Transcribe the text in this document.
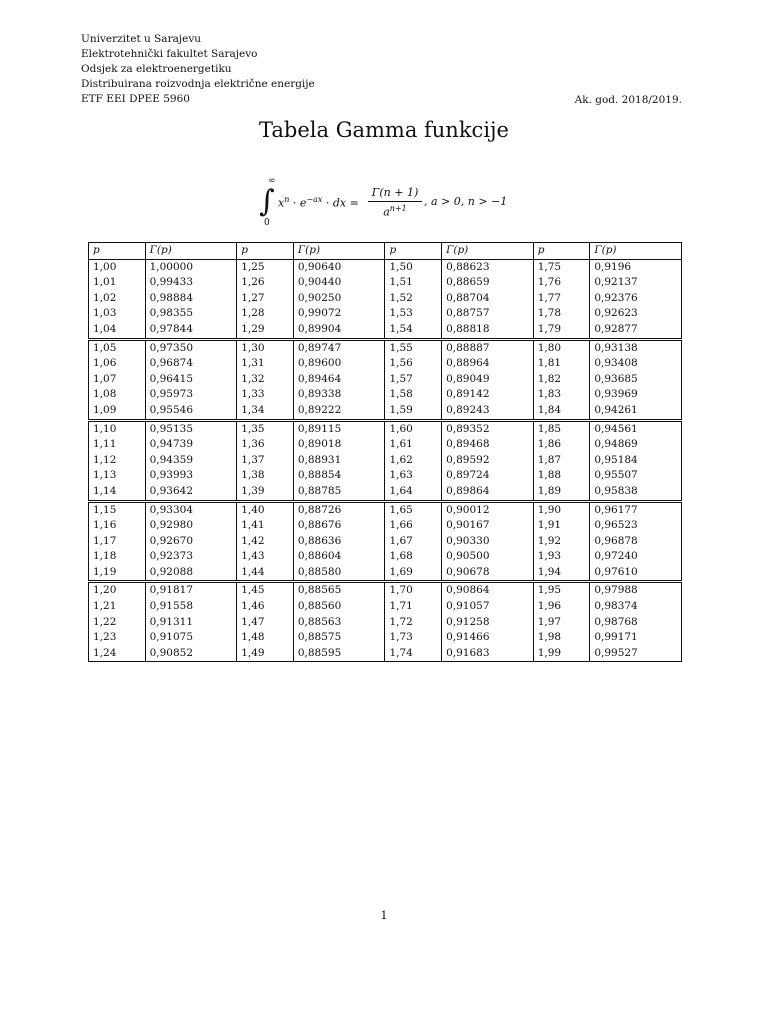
Univerzitet u Sarajevu
Elektrotehnički fakultet Sarajevo
Odsjek za elektroenergetiku
Distribuirana roizvodnja električne energije
ETF EEI DPEE 5960	Ak. god. 2018/2019.
Tabela Gamma funkcije
∞
∫
0
$x^n \cdot e^{-ax}$ · dx = $\frac{\Gamma(n + 1)}{a^{n+1}}$ , a > 0, n > −1
p	Γ(p)	p	Γ(p)	p	Γ(p)	p	Γ(p)
1,00	1,00000	1,25	0,90640	1,50	0,88623	1,75	0,9196
1,01	0,99433	1,26	0,90440	1,51	0,88659	1,76	0,92137
1,02	0,98884	1,27	0,90250	1,52	0,88704	1,77	0,92376
1,03	0,98355	1,28	0,99072	1,53	0,88757	1,78	0,92623
1,04	0,97844	1,29	0,89904	1,54	0,88818	1,79	0,92877
1,05	0,97350	1,30	0,89747	1,55	0,88887	1,80	0,93138
1,06	0,96874	1,31	0,89600	1,56	0,88964	1,81	0,93408
1,07	0,96415	1,32	0,89464	1,57	0,89049	1,82	0,93685
1,08	0,95973	1,33	0,89338	1,58	0,89142	1,83	0,93969
1,09	0,95546	1,34	0,89222	1,59	0,89243	1,84	0,94261
1,10	0,95135	1,35	0,89115	1,60	0,89352	1,85	0,94561
1,11	0,94739	1,36	0,89018	1,61	0,89468	1,86	0,94869
1,12	0,94359	1,37	0,88931	1,62	0,89592	1,87	0,95184
1,13	0,93993	1,38	0,88854	1,63	0,89724	1,88	0,95507
1,14	0,93642	1,39	0,88785	1,64	0,89864	1,89	0,95838
1,15	0,93304	1,40	0,88726	1,65	0,90012	1,90	0,96177
1,16	0,92980	1,41	0,88676	1,66	0,90167	1,91	0,96523
1,17	0,92670	1,42	0,88636	1,67	0,90330	1,92	0,96878
1,18	0,92373	1,43	0,88604	1,68	0,90500	1,93	0,97240
1,19	0,92088	1,44	0,88580	1,69	0,90678	1,94	0,97610
1,20	0,91817	1,45	0,88565	1,70	0,90864	1,95	0,97988
1,21	0,91558	1,46	0,88560	1,71	0,91057	1,96	0,98374
1,22	0,91311	1,47	0,88563	1,72	0,91258	1,97	0,98768
1,23	0,91075	1,48	0,88575	1,73	0,91466	1,98	0,99171
1,24	0,90852	1,49	0,88595	1,74	0,91683	1,99	0,99527
1
